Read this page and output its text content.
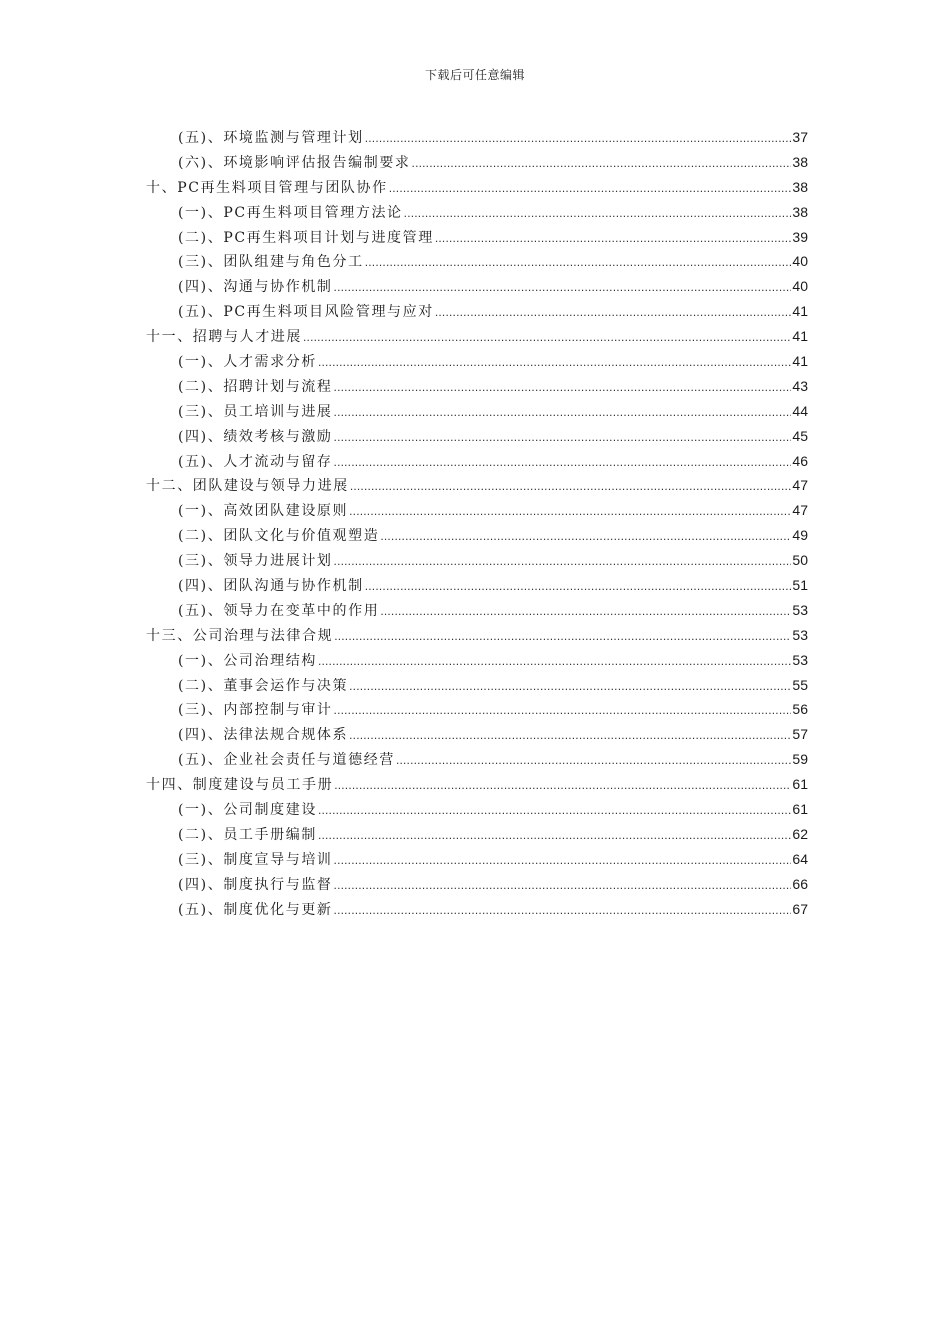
下载后可任意编辑
(五)、环境监测与管理计划 .....	37
(六)、环境影响评估报告编制要求 .....	38
十、PC再生料项目管理与团队协作 .....	38
(一)、PC再生料项目管理方法论 .....	38
(二)、PC再生料项目计划与进度管理 .....	39
(三)、团队组建与角色分工 .....	40
(四)、沟通与协作机制 .....	40
(五)、PC再生料项目风险管理与应对 .....	41
十一、招聘与人才进展 .....	41
(一)、人才需求分析 .....	41
(二)、招聘计划与流程 .....	43
(三)、员工培训与进展 .....	44
(四)、绩效考核与激励 .....	45
(五)、人才流动与留存 .....	46
十二、团队建设与领导力进展 .....	47
(一)、高效团队建设原则 .....	47
(二)、团队文化与价值观塑造 .....	49
(三)、领导力进展计划 .....	50
(四)、团队沟通与协作机制 .....	51
(五)、领导力在变革中的作用 .....	53
十三、公司治理与法律合规 .....	53
(一)、公司治理结构 .....	53
(二)、董事会运作与决策 .....	55
(三)、内部控制与审计 .....	56
(四)、法律法规合规体系 .....	57
(五)、企业社会责任与道德经营 .....	59
十四、制度建设与员工手册 .....	61
(一)、公司制度建设 .....	61
(二)、员工手册编制 .....	62
(三)、制度宣导与培训 .....	64
(四)、制度执行与监督 .....	66
(五)、制度优化与更新 .....	67
